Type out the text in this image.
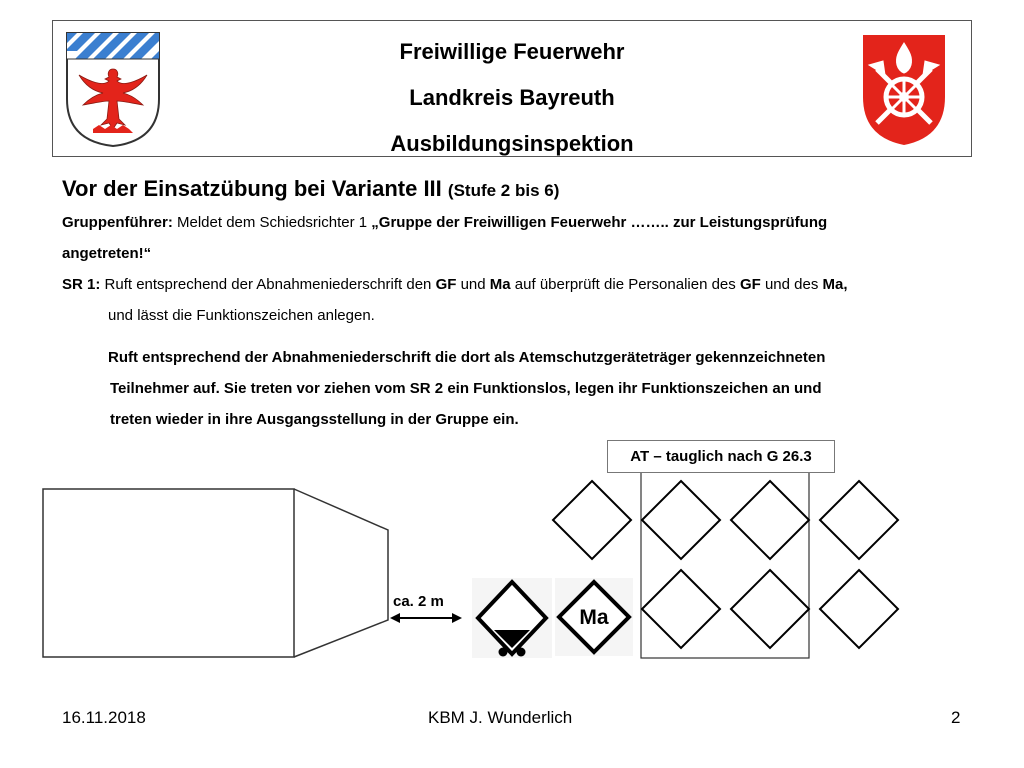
Freiwillige Feuerwehr
Landkreis Bayreuth
Ausbildungsinspektion
Vor der Einsatzübung bei Variante III (Stufe 2 bis 6)
Gruppenführer: Meldet dem Schiedsrichter 1 „Gruppe der Freiwilligen Feuerwehr …….. zur Leistungsprüfung
angetreten!“
SR 1: Ruft entsprechend der Abnahmeniederschrift den GF und Ma auf überprüft die Personalien des GF und des Ma,
und lässt die Funktionszeichen anlegen.
Ruft entsprechend der Abnahmeniederschrift die dort als Atemschutzgeräteträger gekennzeichneten
Teilnehmer auf. Sie treten vor ziehen vom SR 2 ein Funktionslos, legen ihr Funktionszeichen an und
treten wieder in ihre Ausgangsstellung in der Gruppe ein.
Ma
ca. 2 m
AT – tauglich nach G 26.3
16.11.2018	KBM J. Wunderlich	2
